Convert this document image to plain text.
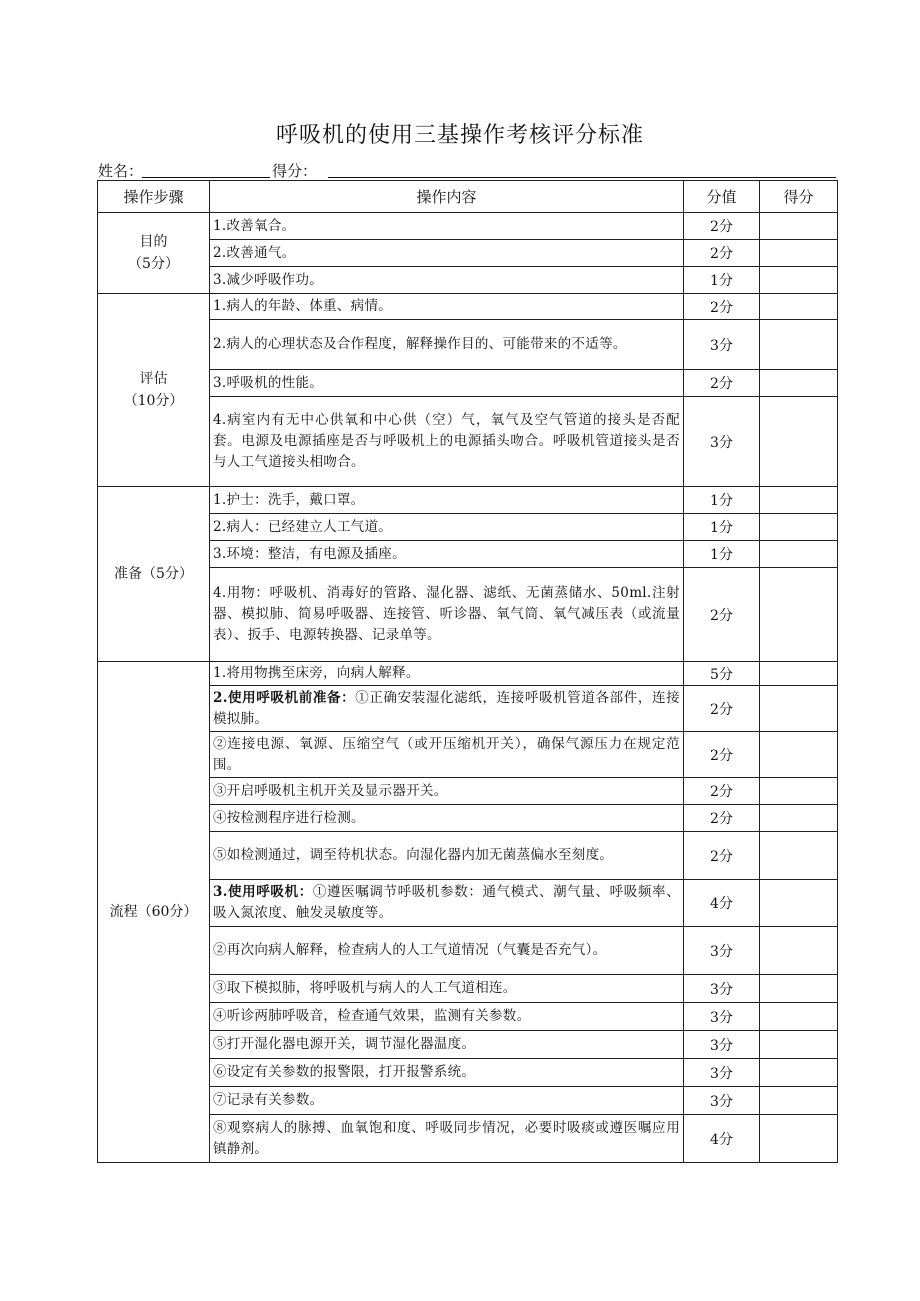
呼吸机的使用三基操作考核评分标准
姓名：	得分：
操作步骤	操作内容	分值	得分

目的
（5分）	1.改善氧合。	2分	
	2.改善通气。	2分	
	3.减少呼吸作功。	1分	

评估
（10分）	1.病人的年龄、体重、病情。	2分	
	2.病人的心理状态及合作程度，解释操作目的、可能带来的不适等。	3分	
	3.呼吸机的性能。	2分	
	4.病室内有无中心供氧和中心供（空）气，氧气及空气管道的接头是否配套。电源及电源插座是否与呼吸机上的电源插头吻合。呼吸机管道接头是否与人工气道接头相吻合。	3分	

准备（5分）	1.护士：洗手，戴口罩。	1分	
	2.病人：已经建立人工气道。	1分	
	3.环境：整洁，有电源及插座。	1分	
	4.用物：呼吸机、消毒好的管路、湿化器、滤纸、无菌蒸储水、50ml.注射器、模拟肺、简易呼吸器、连接管、听诊器、氧气筒、氧气减压表（或流量表）、扳手、电源转换器、记录单等。	2分	

流程（60分）	1.将用物携至床旁，向病人解释。	5分	
	2.使用呼吸机前准备：①正确安装湿化滤纸，连接呼吸机管道各部件，连接模拟肺。	2分	
	②连接电源、氧源、压缩空气（或开压缩机开关），确保气源压力在规定范围。	2分	
	③开启呼吸机主机开关及显示器开关。	2分	
	④按检测程序进行检测。	2分	
	⑤如检测通过，调至待机状态。向湿化器内加无菌蒸偏水至刻度。	2分	
	3.使用呼吸机：①遵医嘱调节呼吸机参数：通气模式、潮气量、呼吸频率、吸入氮浓度、触发灵敏度等。	4分	
	②再次向病人解释，检查病人的人工气道情况（气囊是否充气）。	3分	
	③取下模拟肺，将呼吸机与病人的人工气道相连。	3分	
	④听诊两肺呼吸音，检查通气效果，监测有关参数。	3分	
	⑤打开湿化器电源开关，调节湿化器温度。	3分	
	⑥设定有关参数的报警限，打开报警系统。	3分	
	⑦记录有关参数。	3分	
	⑧观察病人的脉搏、血氧饱和度、呼吸同步情况，必要时吸痰或遵医嘱应用镇静剂。	4分	
